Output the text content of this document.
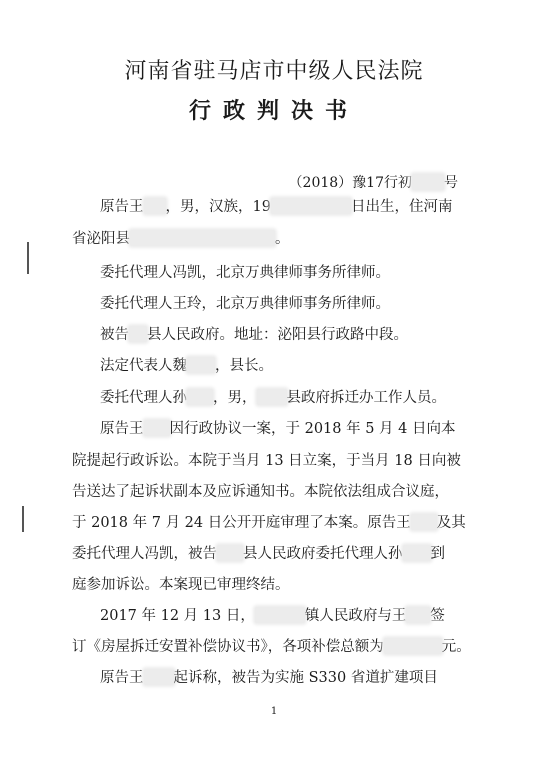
河南省驻马店市中级人民法院
行政判决书
（2018）豫17行初 号
原告王 ，男，汉族，19	日出生，住河南
省泌阳县	。
委托代理人冯凯，北京万典律师事务所律师。
委托代理人王玲，北京万典律师事务所律师。
被告 县人民政府。地址：泌阳县行政路中段。
法定代表人魏 ，县长。
委托代理人孙 ，男， 县政府拆迁办工作人员。
原告王 因行政协议一案，于 2018 年 5 月 4 日向本
院提起行政诉讼。本院于当月 13 日立案，于当月 18 日向被
告送达了起诉状副本及应诉通知书。本院依法组成合议庭，
于 2018 年 7 月 24 日公开开庭审理了本案。原告王 及其
委托代理人冯凯，被告 县人民政府委托代理人孙 到
庭参加诉讼。本案现已审理终结。
2017 年 12 月 13 日，	镇人民政府与王 签
订《房屋拆迁安置补偿协议书》，各项补偿总额为	元。
原告王 起诉称，被告为实施 S330 省道扩建项目
1
